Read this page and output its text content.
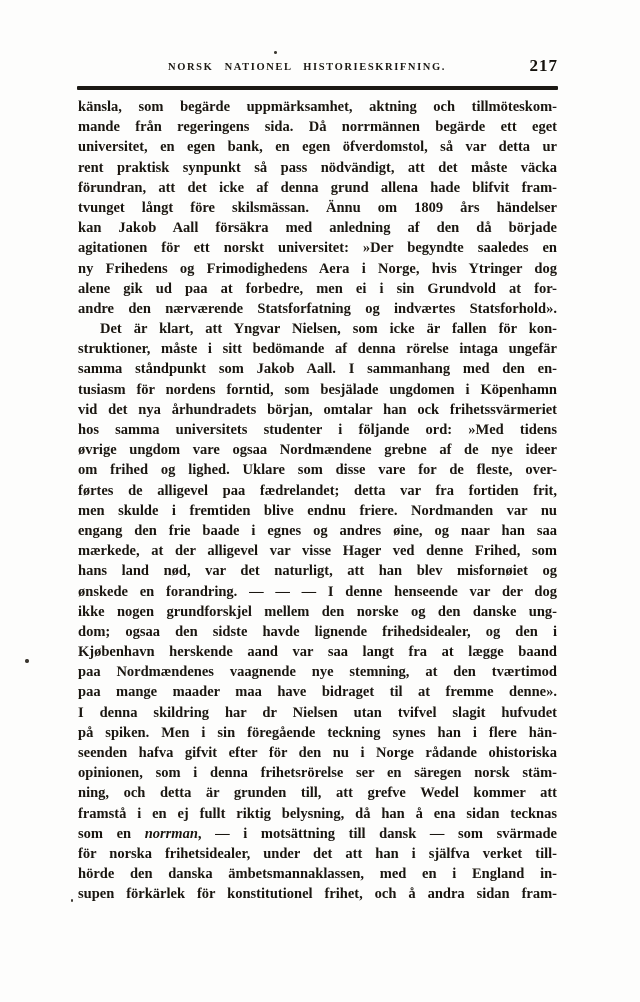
NORSK NATIONEL HISTORIESKRIFNING.	217
känsla, som begärde uppmärksamhet, aktning och tillmöteskom-
mande från regeringens sida. Då norrmännen begärde ett eget
universitet, en egen bank, en egen öfverdomstol, så var detta ur
rent praktisk synpunkt så pass nödvändigt, att det måste väcka
förundran, att det icke af denna grund allena hade blifvit fram-
tvunget långt före skilsmässan. Ännu om 1809 års händelser
kan Jakob Aall försäkra med anledning af den då började
agitationen för ett norskt universitet: »Der begyndte saaledes en
ny Frihedens og Frimodighedens Aera i Norge, hvis Ytringer dog
alene gik ud paa at forbedre, men ei i sin Grundvold at for-
andre den nærværende Statsforfatning og indværtes Statsforhold».
Det är klart, att Yngvar Nielsen, som icke är fallen för kon-
struktioner, måste i sitt bedömande af denna rörelse intaga ungefär
samma ståndpunkt som Jakob Aall. I sammanhang med den en-
tusiasm för nordens forntid, som besjälade ungdomen i Köpenhamn
vid det nya århundradets början, omtalar han ock frihetssvärmeriet
hos samma universitets studenter i följande ord: »Med tidens
øvrige ungdom vare ogsaa Nordmændene grebne af de nye ideer
om frihed og lighed. Uklare som disse vare for de fleste, over-
førtes de alligevel paa fædrelandet; detta var fra fortiden frit,
men skulde i fremtiden blive endnu friere. Nordmanden var nu
engang den frie baade i egnes og andres øine, og naar han saa
mærkede, at der alligevel var visse Hager ved denne Frihed, som
hans land nød, var det naturligt, att han blev misfornøiet og
ønskede en forandring. — — — I denne henseende var der dog
ikke nogen grundforskjel mellem den norske og den danske ung-
dom; ogsaa den sidste havde lignende frihedsidealer, og den i
Kjøbenhavn herskende aand var saa langt fra at lægge baand
paa Nordmændenes vaagnende nye stemning, at den tværtimod
paa mange maader maa have bidraget til at fremme denne».
I denna skildring har dr Nielsen utan tvifvel slagit hufvudet
på spiken. Men i sin föregående teckning synes han i flere hän-
seenden hafva gifvit efter för den nu i Norge rådande ohistoriska
opinionen, som i denna frihetsrörelse ser en säregen norsk stäm-
ning, och detta är grunden till, att grefve Wedel kommer att
framstå i en ej fullt riktig belysning, då han å ena sidan tecknas
som en norrman, — i motsättning till dansk — som svärmade
för norska frihetsidealer, under det att han i själfva verket till-
hörde den danska ämbetsmannaklassen, med en i England in-
supen förkärlek för konstitutionel frihet, och å andra sidan fram-
